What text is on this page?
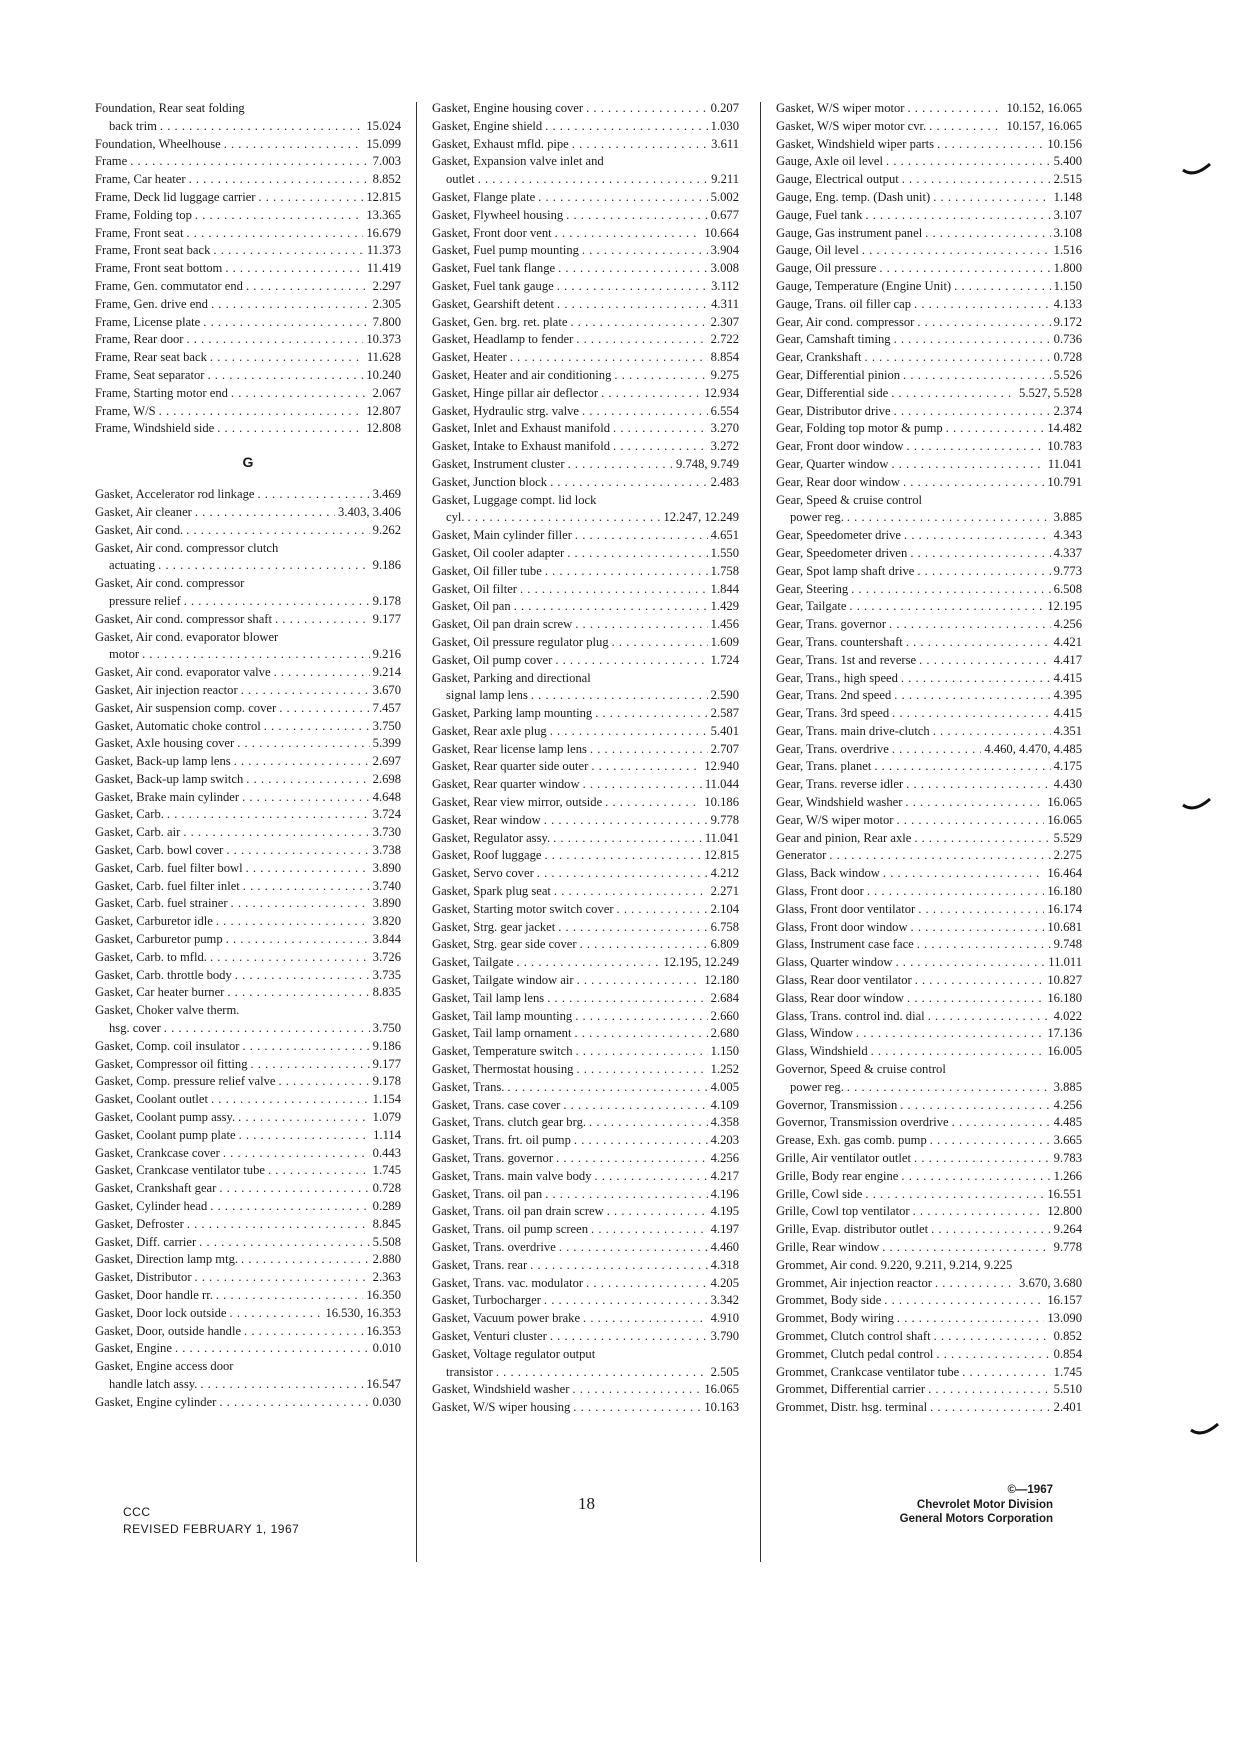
Foundation, Rear seat folding
back trim . . .	15.024
Foundation, Wheelhouse . . .	15.099
Frame . . .	7.003
Frame, Car heater . . .	8.852
Frame, Deck lid luggage carrier . . .	12.815
Frame, Folding top . . .	13.365
Frame, Front seat . . .	16.679
Frame, Front seat back . . .	11.373
Frame, Front seat bottom . . .	11.419
Frame, Gen. commutator end . . .	2.297
Frame, Gen. drive end . . .	2.305
Frame, License plate . . .	7.800
Frame, Rear door . . .	10.373
Frame, Rear seat back . . .	11.628
Frame, Seat separator . . .	10.240
Frame, Starting motor end . . .	2.067
Frame, W/S . . .	12.807
Frame, Windshield side . . .	12.808
G
Gasket, Accelerator rod linkage . . .	3.469
Gasket, Air cleaner . . .	3.403, 3.406
Gasket, Air cond. . . .	9.262
Gasket, Air cond. compressor clutch
actuating . . .	9.186
Gasket, Air cond. compressor
pressure relief . . .	9.178
Gasket, Air cond. compressor shaft . . .	9.177
Gasket, Air cond. evaporator blower
motor . . .	9.216
Gasket, Air cond. evaporator valve . . .	9.214
Gasket, Air injection reactor . . .	3.670
Gasket, Air suspension comp. cover . . .	7.457
Gasket, Automatic choke control . . .	3.750
Gasket, Axle housing cover . . .	5.399
Gasket, Back-up lamp lens . . .	2.697
Gasket, Back-up lamp switch . . .	2.698
Gasket, Brake main cylinder . . .	4.648
Gasket, Carb. . . .	3.724
Gasket, Carb. air . . .	3.730
Gasket, Carb. bowl cover . . .	3.738
Gasket, Carb. fuel filter bowl . . .	3.890
Gasket, Carb. fuel filter inlet . . .	3.740
Gasket, Carb. fuel strainer . . .	3.890
Gasket, Carburetor idle . . .	3.820
Gasket, Carburetor pump . . .	3.844
Gasket, Carb. to mfld. . . .	3.726
Gasket, Carb. throttle body . . .	3.735
Gasket, Car heater burner . . .	8.835
Gasket, Choker valve therm.
hsg. cover . . .	3.750
Gasket, Comp. coil insulator . . .	9.186
Gasket, Compressor oil fitting . . .	9.177
Gasket, Comp. pressure relief valve . . .	9.178
Gasket, Coolant outlet . . .	1.154
Gasket, Coolant pump assy. . . .	1.079
Gasket, Coolant pump plate . . .	1.114
Gasket, Crankcase cover . . .	0.443
Gasket, Crankcase ventilator tube . . .	1.745
Gasket, Crankshaft gear . . .	0.728
Gasket, Cylinder head . . .	0.289
Gasket, Defroster . . .	8.845
Gasket, Diff. carrier . . .	5.508
Gasket, Direction lamp mtg. . . .	2.880
Gasket, Distributor . . .	2.363
Gasket, Door handle rr. . . .	16.350
Gasket, Door lock outside . . .	16.530, 16.353
Gasket, Door, outside handle . . .	16.353
Gasket, Engine . . .	0.010
Gasket, Engine access door
handle latch assy. . . .	16.547
Gasket, Engine cylinder . . .	0.030
Gasket, Engine housing cover . . .	0.207
Gasket, Engine shield . . .	1.030
Gasket, Exhaust mfld. pipe . . .	3.611
Gasket, Expansion valve inlet and
outlet . . .	9.211
Gasket, Flange plate . . .	5.002
Gasket, Flywheel housing . . .	0.677
Gasket, Front door vent . . .	10.664
Gasket, Fuel pump mounting . . .	3.904
Gasket, Fuel tank flange . . .	3.008
Gasket, Fuel tank gauge . . .	3.112
Gasket, Gearshift detent . . .	4.311
Gasket, Gen. brg. ret. plate . . .	2.307
Gasket, Headlamp to fender . . .	2.722
Gasket, Heater . . .	8.854
Gasket, Heater and air conditioning . . .	9.275
Gasket, Hinge pillar air deflector . . .	12.934
Gasket, Hydraulic strg. valve . . .	6.554
Gasket, Inlet and Exhaust manifold . . .	3.270
Gasket, Intake to Exhaust manifold . . .	3.272
Gasket, Instrument cluster . . .	9.748, 9.749
Gasket, Junction block . . .	2.483
Gasket, Luggage compt. lid lock
cyl. . . .	12.247, 12.249
Gasket, Main cylinder filler . . .	4.651
Gasket, Oil cooler adapter . . .	1.550
Gasket, Oil filler tube . . .	1.758
Gasket, Oil filter . . .	1.844
Gasket, Oil pan . . .	1.429
Gasket, Oil pan drain screw . . .	1.456
Gasket, Oil pressure regulator plug . . .	1.609
Gasket, Oil pump cover . . .	1.724
Gasket, Parking and directional
signal lamp lens . . .	2.590
Gasket, Parking lamp mounting . . .	2.587
Gasket, Rear axle plug . . .	5.401
Gasket, Rear license lamp lens . . .	2.707
Gasket, Rear quarter side outer . . .	12.940
Gasket, Rear quarter window . . .	11.044
Gasket, Rear view mirror, outside . . .	10.186
Gasket, Rear window . . .	9.778
Gasket, Regulator assy. . . .	11.041
Gasket, Roof luggage . . .	12.815
Gasket, Servo cover . . .	4.212
Gasket, Spark plug seat . . .	2.271
Gasket, Starting motor switch cover . . .	2.104
Gasket, Strg. gear jacket . . .	6.758
Gasket, Strg. gear side cover . . .	6.809
Gasket, Tailgate . . .	12.195, 12.249
Gasket, Tailgate window air . . .	12.180
Gasket, Tail lamp lens . . .	2.684
Gasket, Tail lamp mounting . . .	2.660
Gasket, Tail lamp ornament . . .	2.680
Gasket, Temperature switch . . .	1.150
Gasket, Thermostat housing . . .	1.252
Gasket, Trans. . . .	4.005
Gasket, Trans. case cover . . .	4.109
Gasket, Trans. clutch gear brg. . . .	4.358
Gasket, Trans. frt. oil pump . . .	4.203
Gasket, Trans. governor . . .	4.256
Gasket, Trans. main valve body . . .	4.217
Gasket, Trans. oil pan . . .	4.196
Gasket, Trans. oil pan drain screw . . .	4.195
Gasket, Trans. oil pump screen . . .	4.197
Gasket, Trans. overdrive . . .	4.460
Gasket, Trans. rear . . .	4.318
Gasket, Trans. vac. modulator . . .	4.205
Gasket, Turbocharger . . .	3.342
Gasket, Vacuum power brake . . .	4.910
Gasket, Venturi cluster . . .	3.790
Gasket, Voltage regulator output
transistor . . .	2.505
Gasket, Windshield washer . . .	16.065
Gasket, W/S wiper housing . . .	10.163
Gasket, W/S wiper motor . . .	10.152, 16.065
Gasket, W/S wiper motor cvr. . . .	10.157, 16.065
Gasket, Windshield wiper parts . . .	10.156
Gauge, Axle oil level . . .	5.400
Gauge, Electrical output . . .	2.515
Gauge, Eng. temp. (Dash unit) . . .	1.148
Gauge, Fuel tank . . .	3.107
Gauge, Gas instrument panel . . .	3.108
Gauge, Oil level . . .	1.516
Gauge, Oil pressure . . .	1.800
Gauge, Temperature (Engine Unit) . . .	1.150
Gauge, Trans. oil filler cap . . .	4.133
Gear, Air cond. compressor . . .	9.172
Gear, Camshaft timing . . .	0.736
Gear, Crankshaft . . .	0.728
Gear, Differential pinion . . .	5.526
Gear, Differential side . . .	5.527, 5.528
Gear, Distributor drive . . .	2.374
Gear, Folding top motor & pump . . .	14.482
Gear, Front door window . . .	10.783
Gear, Quarter window . . .	11.041
Gear, Rear door window . . .	10.791
Gear, Speed & cruise control
power reg. . . .	3.885
Gear, Speedometer drive . . .	4.343
Gear, Speedometer driven . . .	4.337
Gear, Spot lamp shaft drive . . .	9.773
Gear, Steering . . .	6.508
Gear, Tailgate . . .	12.195
Gear, Trans. governor . . .	4.256
Gear, Trans. countershaft . . .	4.421
Gear, Trans. 1st and reverse . . .	4.417
Gear, Trans., high speed . . .	4.415
Gear, Trans. 2nd speed . . .	4.395
Gear, Trans. 3rd speed . . .	4.415
Gear, Trans. main drive-clutch . . .	4.351
Gear, Trans. overdrive . . .	4.460, 4.470, 4.485
Gear, Trans. planet . . .	4.175
Gear, Trans. reverse idler . . .	4.430
Gear, Windshield washer . . .	16.065
Gear, W/S wiper motor . . .	16.065
Gear and pinion, Rear axle . . .	5.529
Generator . . .	2.275
Glass, Back window . . .	16.464
Glass, Front door . . .	16.180
Glass, Front door ventilator . . .	16.174
Glass, Front door window . . .	10.681
Glass, Instrument case face . . .	9.748
Glass, Quarter window . . .	11.011
Glass, Rear door ventilator . . .	10.827
Glass, Rear door window . . .	16.180
Glass, Trans. control ind. dial . . .	4.022
Glass, Window . . .	17.136
Glass, Windshield . . .	16.005
Governor, Speed & cruise control
power reg. . . .	3.885
Governor, Transmission . . .	4.256
Governor, Transmission overdrive . . .	4.485
Grease, Exh. gas comb. pump . . .	3.665
Grille, Air ventilator outlet . . .	9.783
Grille, Body rear engine . . .	1.266
Grille, Cowl side . . .	16.551
Grille, Cowl top ventilator . . .	12.800
Grille, Evap. distributor outlet . . .	9.264
Grille, Rear window . . .	9.778
Grommet, Air cond. 9.220, 9.211, 9.214, 9.225
Grommet, Air injection reactor . . .	3.670, 3.680
Grommet, Body side . . .	16.157
Grommet, Body wiring . . .	13.090
Grommet, Clutch control shaft . . .	0.852
Grommet, Clutch pedal control . . .	0.854
Grommet, Crankcase ventilator tube . . .	1.745
Grommet, Differential carrier . . .	5.510
Grommet, Distr. hsg. terminal . . .	2.401
CCC
REVISED FEBRUARY 1, 1967
18
©—1967
Chevrolet Motor Division
General Motors Corporation
